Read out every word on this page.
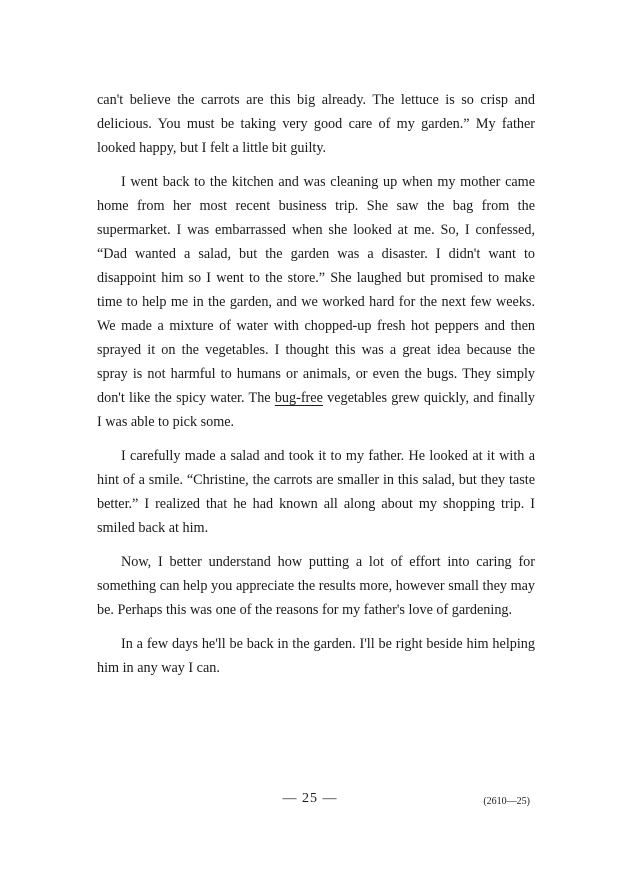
can't believe the carrots are this big already. The lettuce is so crisp and delicious. You must be taking very good care of my garden.” My father looked happy, but I felt a little bit guilty.

I went back to the kitchen and was cleaning up when my mother came home from her most recent business trip. She saw the bag from the supermarket. I was embarrassed when she looked at me. So, I confessed, “Dad wanted a salad, but the garden was a disaster. I didn't want to disappoint him so I went to the store.” She laughed but promised to make time to help me in the garden, and we worked hard for the next few weeks. We made a mixture of water with chopped-up fresh hot peppers and then sprayed it on the vegetables. I thought this was a great idea because the spray is not harmful to humans or animals, or even the bugs. They simply don't like the spicy water. The bug-free vegetables grew quickly, and finally I was able to pick some.

I carefully made a salad and took it to my father. He looked at it with a hint of a smile. “Christine, the carrots are smaller in this salad, but they taste better.” I realized that he had known all along about my shopping trip. I smiled back at him.

Now, I better understand how putting a lot of effort into caring for something can help you appreciate the results more, however small they may be. Perhaps this was one of the reasons for my father's love of gardening.

In a few days he'll be back in the garden. I'll be right beside him helping him in any way I can.

— 25 —	(2610—25)
